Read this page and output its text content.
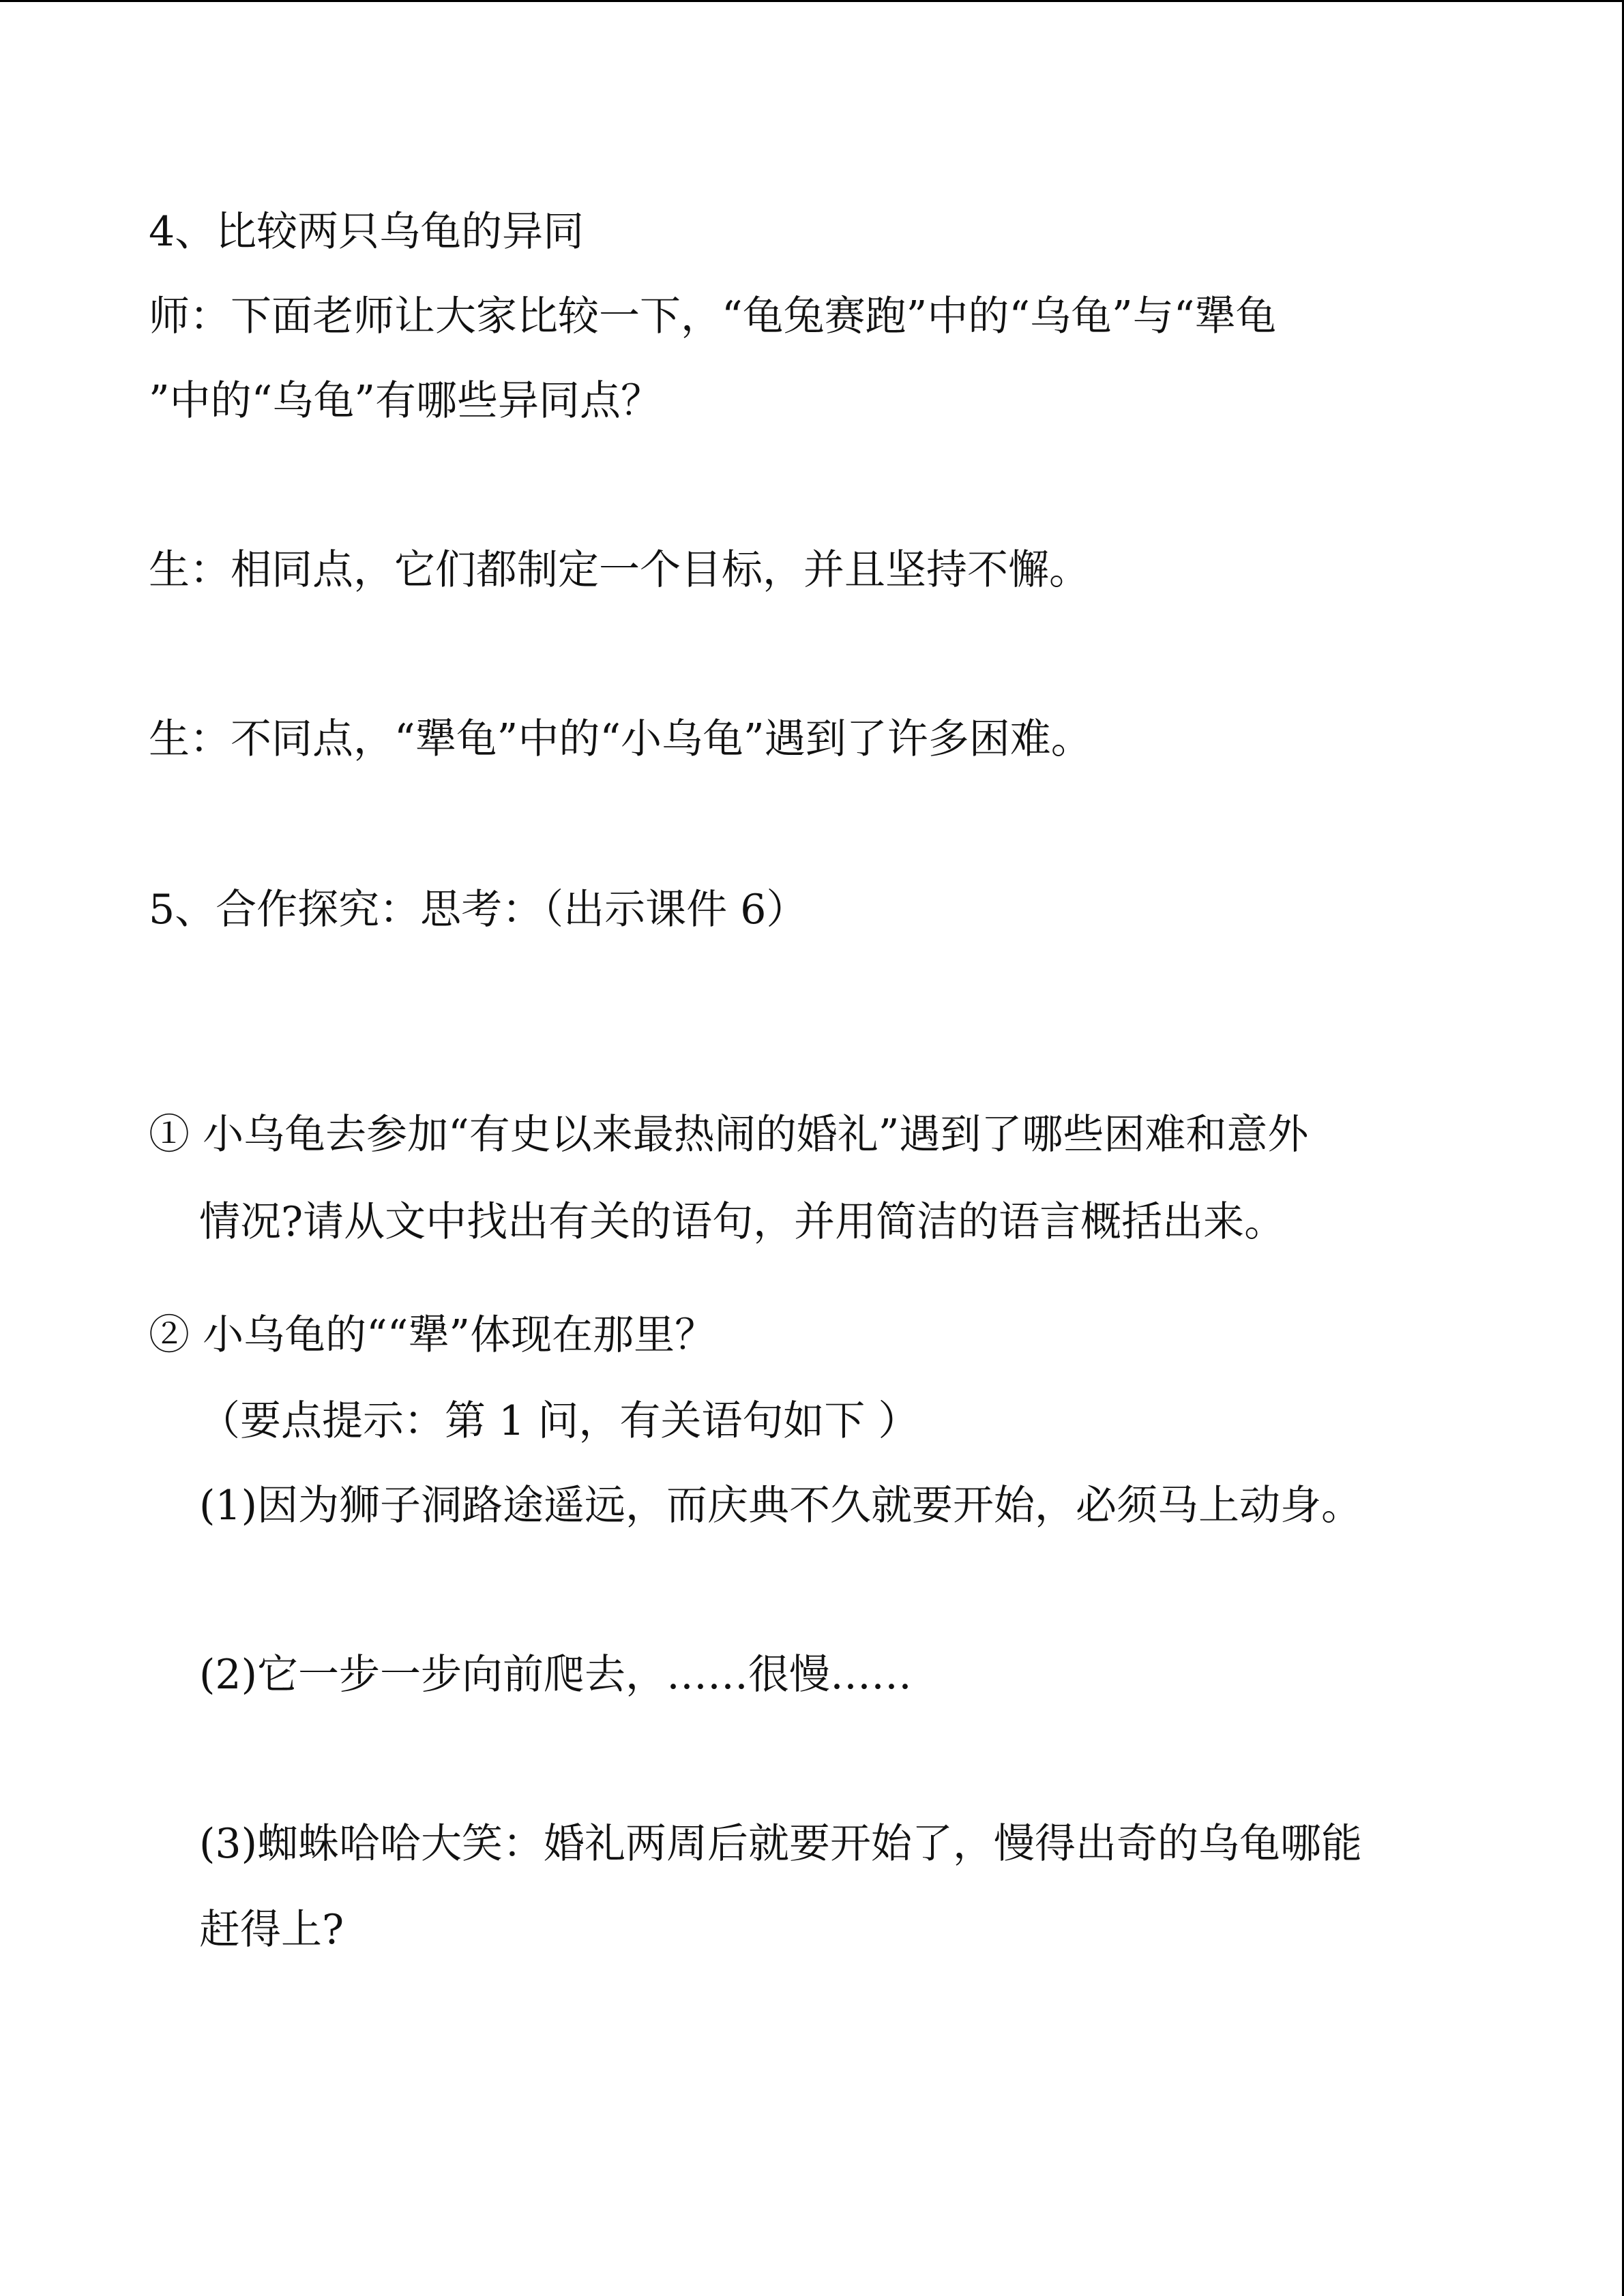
4、比较两只乌龟的异同

师：下面老师让大家比较一下，“龟兔赛跑”中的“乌龟”与“犟龟

”中的“乌龟”有哪些异同点？

生：相同点，它们都制定一个目标，并且坚持不懈。

生：不同点，“犟龟”中的“小乌龟”遇到了许多困难。

5、合作探究：思考：（出示课件 6）

① 小乌龟去参加“有史以来最热闹的婚礼”遇到了哪些困难和意外

情况?请从文中找出有关的语句，并用简洁的语言概括出来。

② 小乌龟的““犟”体现在那里？

（要点提示：第 1 问，有关语句如下 ）

(1)因为狮子洞路途遥远，而庆典不久就要开始，必须马上动身。

(2)它一步一步向前爬去，……很慢……

(3)蜘蛛哈哈大笑：婚礼两周后就要开始了，慢得出奇的乌龟哪能

赶得上?
